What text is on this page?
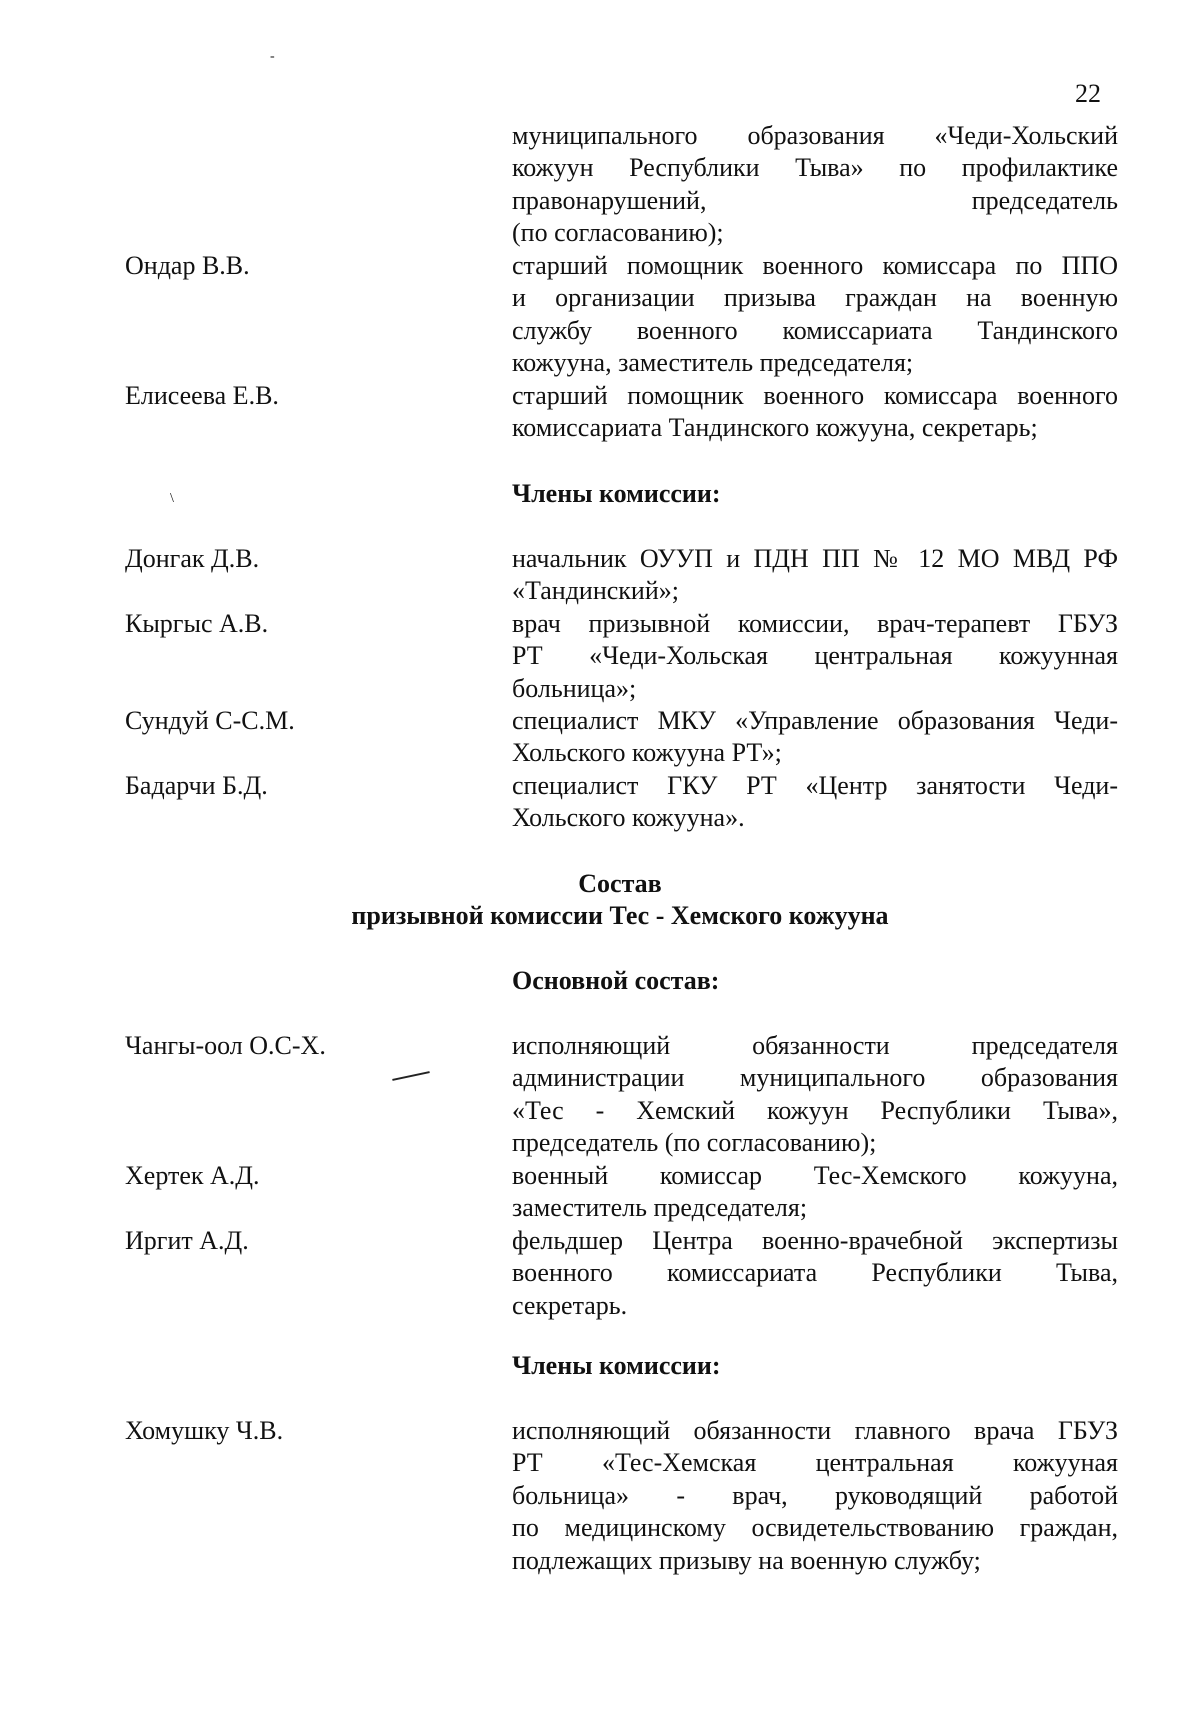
-
22
муниципального образования «Чеди-Хольский
кожуун Республики Тыва» по профилактике
правонарушений, председатель
(по согласованию);
Ондар В.В.	старший помощник военного комиссара по ППО
и организации призыва граждан на военную
службу военного комиссариата Тандинского
кожууна, заместитель председателя;
Елисеева Е.В.	старший помощник военного комиссара военного
комиссариата Тандинского кожууна, секретарь;
\	Члены комиссии:
Донгак Д.В.	начальник ОУУП и ПДН ПП № 12 МО МВД РФ
«Тандинский»;
Кыргыс А.В.	врач призывной комиссии, врач-терапевт ГБУЗ
РТ «Чеди-Хольская центральная кожуунная
больница»;
Сундуй С-С.М.	специалист МКУ «Управление образования Чеди-
Хольского кожууна РТ»;
Бадарчи Б.Д.	специалист ГКУ РТ «Центр занятости Чеди-
Хольского кожууна».
Состав
призывной комиссии Тес - Хемского кожууна
Основной состав:
Чангы-оол О.С-Х.	исполняющий обязанности председателя
администрации муниципального образования
«Тес - Хемский кожуун Республики Тыва»,
председатель (по согласованию);
Хертек А.Д.	военный комиссар Тес-Хемского кожууна,
заместитель председателя;
Иргит А.Д.	фельдшер Центра военно-врачебной экспертизы
военного комиссариата Республики Тыва,
секретарь.
Члены комиссии:
Хомушку Ч.В.	исполняющий обязанности главного врача ГБУЗ
РТ «Тес-Хемская центральная кожууная
больница» - врач, руководящий работой
по медицинскому освидетельствованию граждан,
подлежащих призыву на военную службу;
